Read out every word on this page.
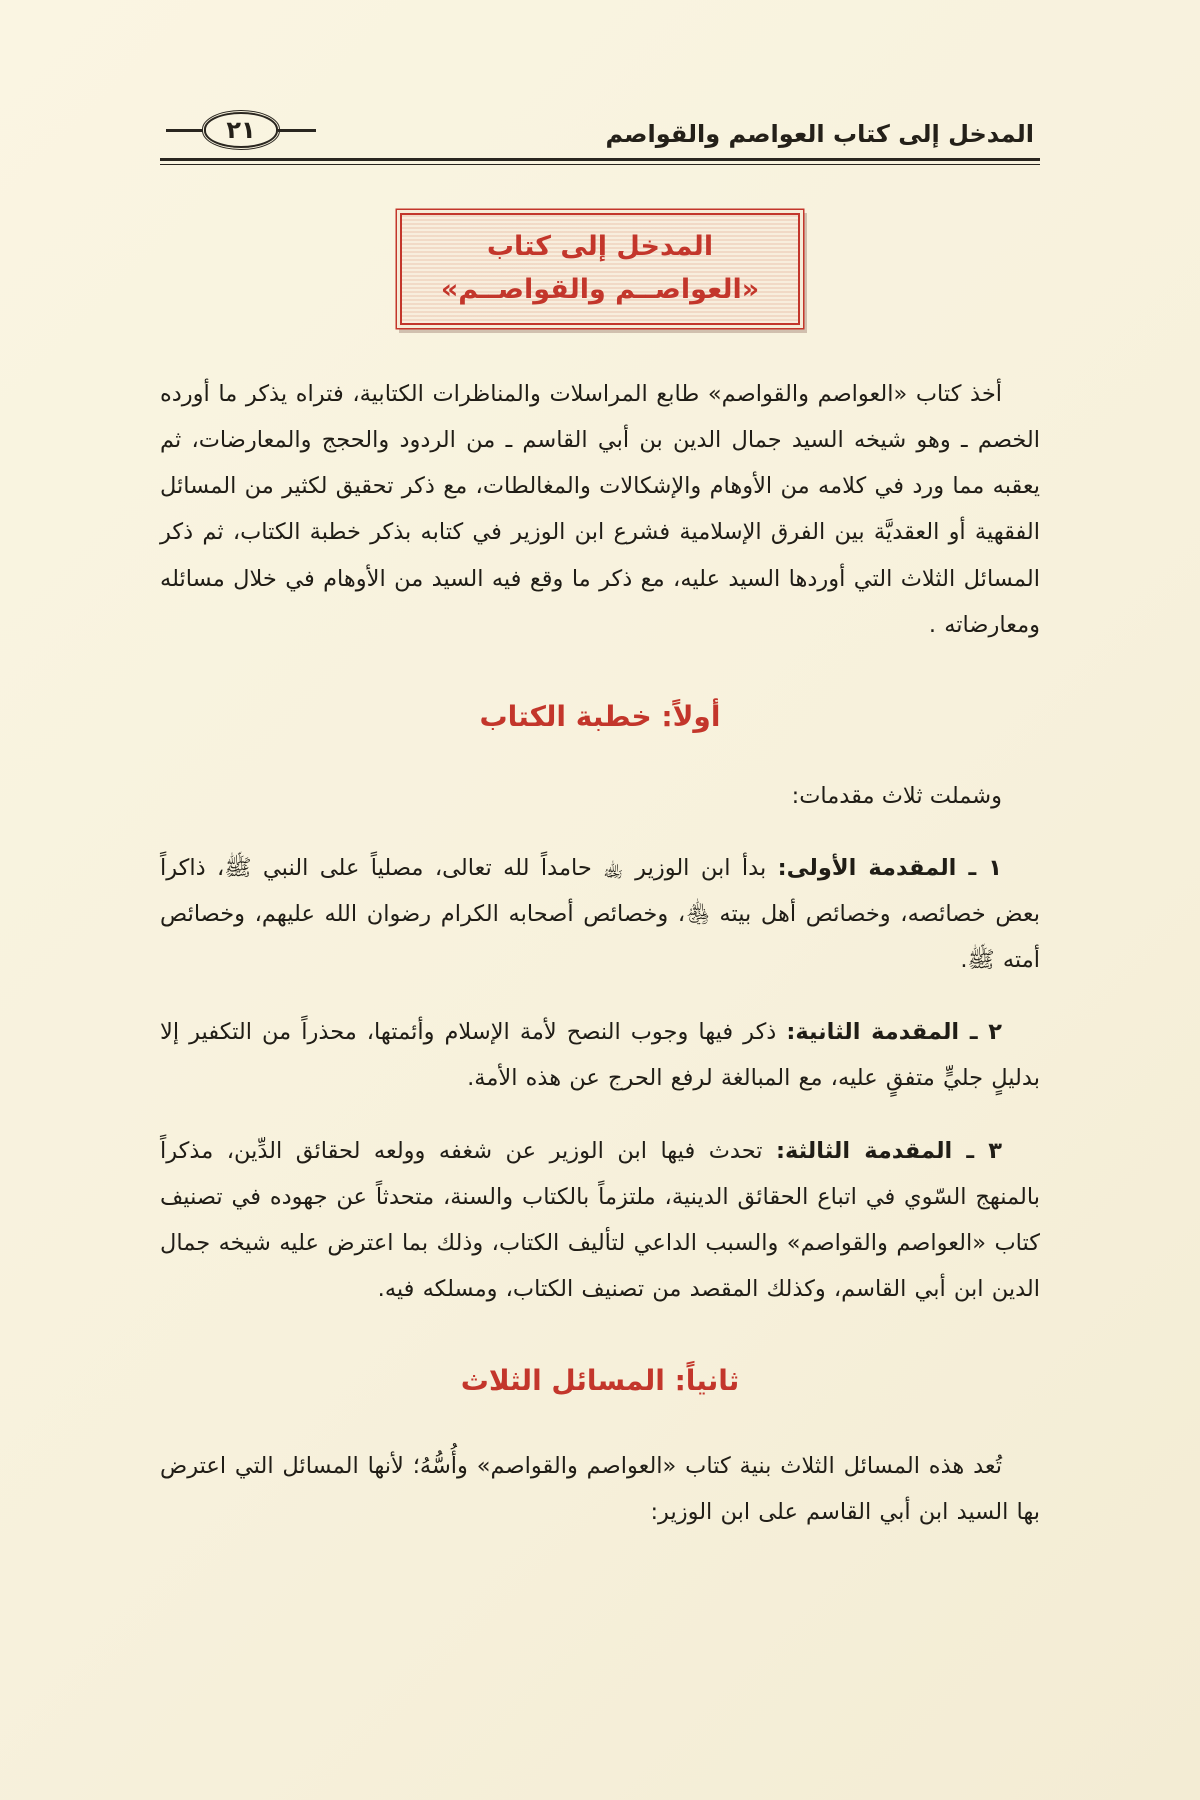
المدخل إلى كتاب العواصم والقواصم
٢١
المدخل إلى كتاب
«العواصــم والقواصــم»

أخذ كتاب «العواصم والقواصم» طابع المراسلات والمناظرات الكتابية، فتراه يذكر ما أورده الخصم ـ وهو شيخه السيد جمال الدين بن أبي القاسم ـ من الردود والحجج والمعارضات، ثم يعقبه مما ورد في كلامه من الأوهام والإشكالات والمغالطات، مع ذكر تحقيق لكثير من المسائل الفقهية أو العقديَّة بين الفرق الإسلامية فشرع ابن الوزير في كتابه بذكر خطبة الكتاب، ثم ذكر المسائل الثلاث التي أوردها السيد عليه، مع ذكر ما وقع فيه السيد من الأوهام في خلال مسائله ومعارضاته .

أولاً: خطبة الكتاب

وشملت ثلاث مقدمات:

١ ـ المقدمة الأولى: بدأ ابن الوزير ﵀ حامداً لله تعالى، مصلياً على النبي ﷺ، ذاكراً بعض خصائصه، وخصائص أهل بيته ﵃، وخصائص أصحابه الكرام رضوان الله عليهم، وخصائص أمته ﷺ.

٢ ـ المقدمة الثانية: ذكر فيها وجوب النصح لأمة الإسلام وأئمتها، محذراً من التكفير إلا بدليلٍ جليٍّ متفقٍ عليه، مع المبالغة لرفع الحرج عن هذه الأمة.

٣ ـ المقدمة الثالثة: تحدث فيها ابن الوزير عن شغفه وولعه لحقائق الدِّين، مذكراً بالمنهج السّوي في اتباع الحقائق الدينية، ملتزماً بالكتاب والسنة، متحدثاً عن جهوده في تصنيف كتاب «العواصم والقواصم» والسبب الداعي لتأليف الكتاب، وذلك بما اعترض عليه شيخه جمال الدين ابن أبي القاسم، وكذلك المقصد من تصنيف الكتاب، ومسلكه فيه.

ثانياً: المسائل الثلاث

تُعد هذه المسائل الثلاث بنية كتاب «العواصم والقواصم» وأُسُّهُ؛ لأنها المسائل التي اعترض بها السيد ابن أبي القاسم على ابن الوزير:
